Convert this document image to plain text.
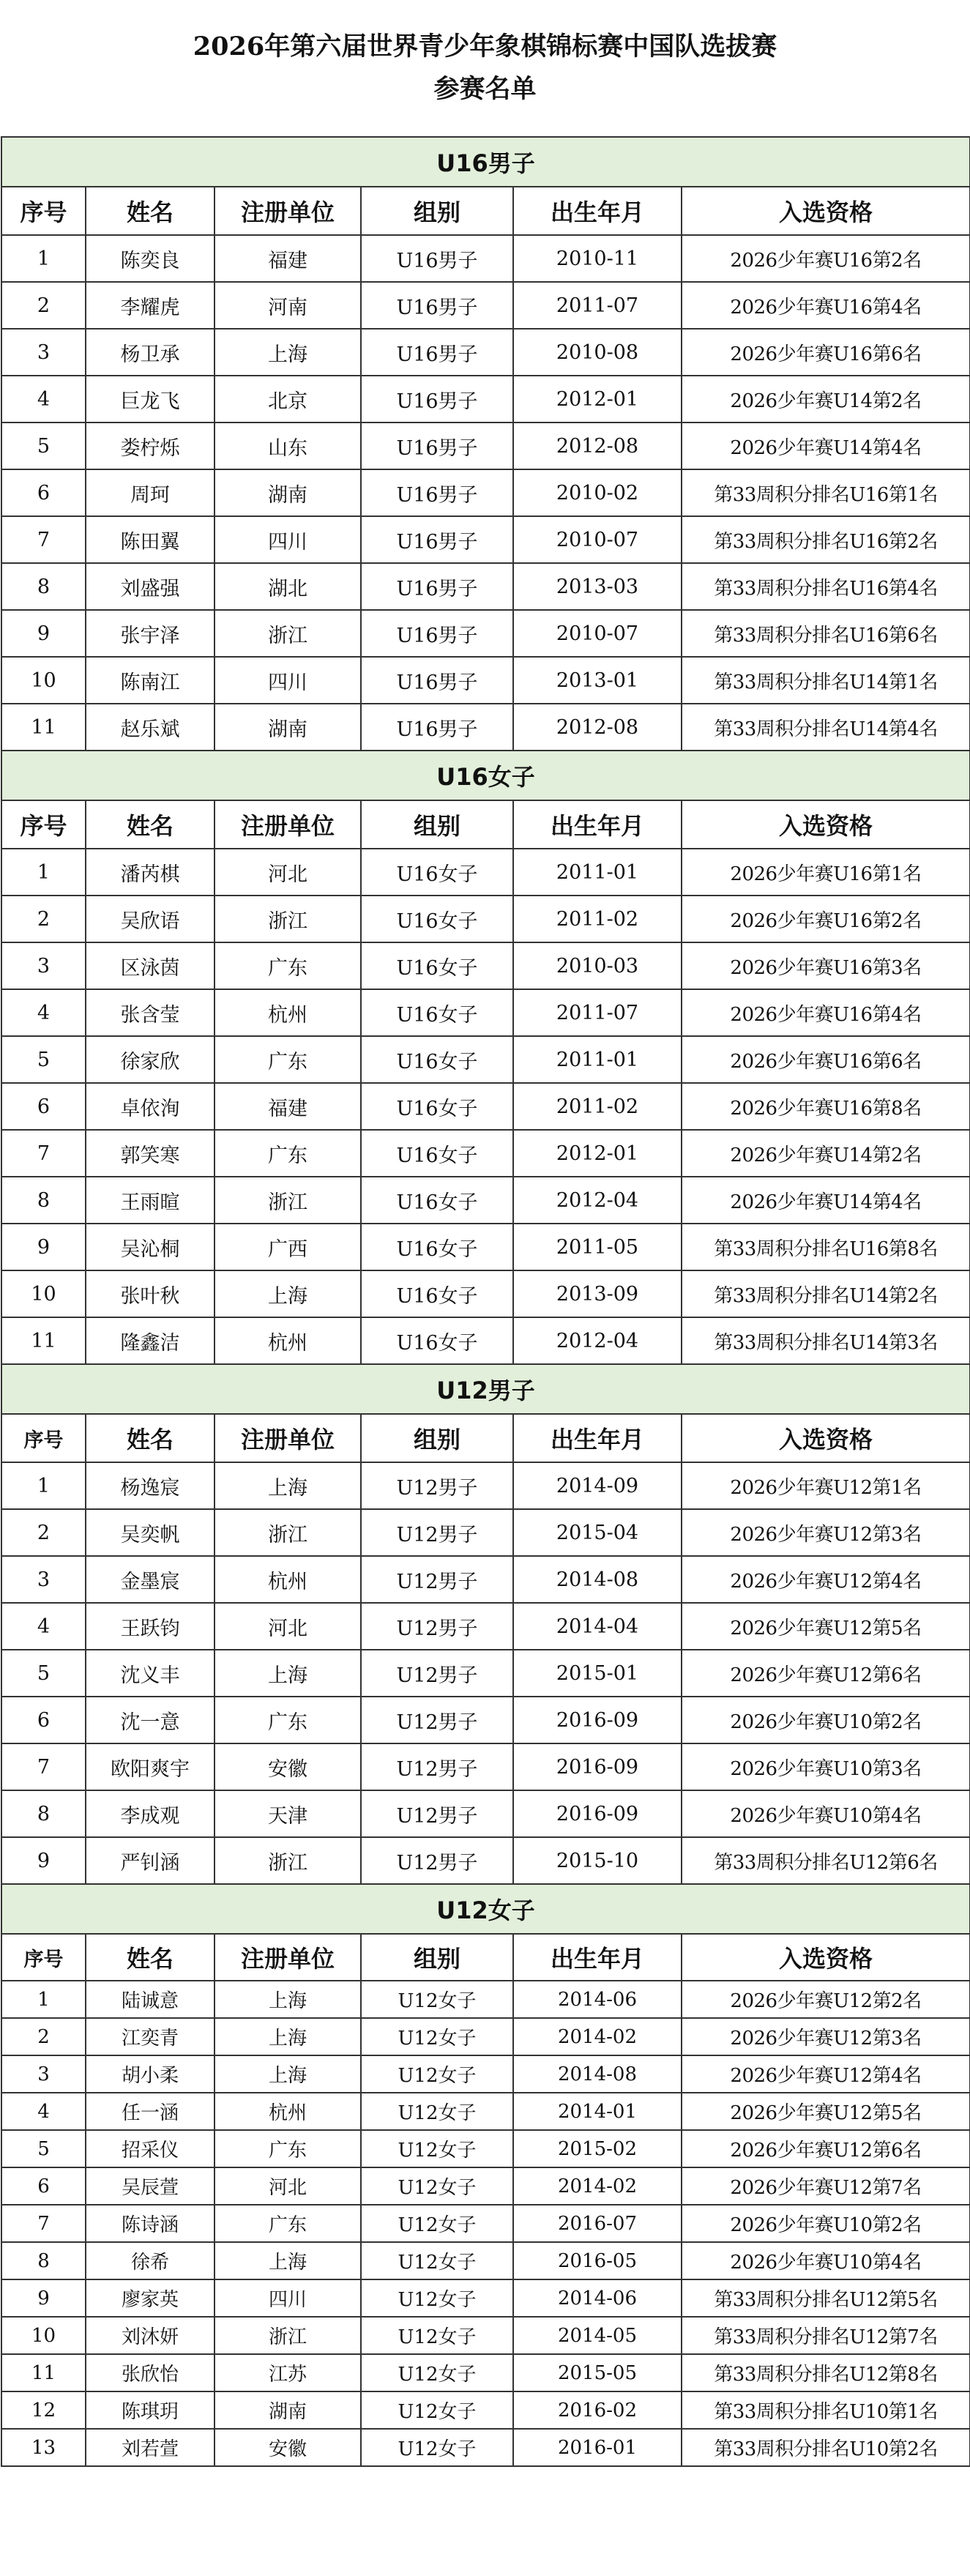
2026年第六届世界青少年象棋锦标赛中国队选拔赛
参赛名单
U16男子					
序号	姓名	注册单位	组别	出生年月	入选资格
1	陈奕良	福建	U16男子	2010-11	2026少年赛U16第2名
2	李耀虎	河南	U16男子	2011-07	2026少年赛U16第4名
3	杨卫承	上海	U16男子	2010-08	2026少年赛U16第6名
4	巨龙飞	北京	U16男子	2012-01	2026少年赛U14第2名
5	娄柠烁	山东	U16男子	2012-08	2026少年赛U14第4名
6	周珂	湖南	U16男子	2010-02	第33周积分排名U16第1名
7	陈田翼	四川	U16男子	2010-07	第33周积分排名U16第2名
8	刘盛强	湖北	U16男子	2013-03	第33周积分排名U16第4名
9	张宇泽	浙江	U16男子	2010-07	第33周积分排名U16第6名
10	陈南江	四川	U16男子	2013-01	第33周积分排名U14第1名
11	赵乐斌	湖南	U16男子	2012-08	第33周积分排名U14第4名
U16女子					
序号	姓名	注册单位	组别	出生年月	入选资格
1	潘芮棋	河北	U16女子	2011-01	2026少年赛U16第1名
2	吴欣语	浙江	U16女子	2011-02	2026少年赛U16第2名
3	区泳茵	广东	U16女子	2010-03	2026少年赛U16第3名
4	张含莹	杭州	U16女子	2011-07	2026少年赛U16第4名
5	徐家欣	广东	U16女子	2011-01	2026少年赛U16第6名
6	卓依洵	福建	U16女子	2011-02	2026少年赛U16第8名
7	郭笑寒	广东	U16女子	2012-01	2026少年赛U14第2名
8	王雨暄	浙江	U16女子	2012-04	2026少年赛U14第4名
9	吴沁桐	广西	U16女子	2011-05	第33周积分排名U16第8名
10	张叶秋	上海	U16女子	2013-09	第33周积分排名U14第2名
11	隆鑫洁	杭州	U16女子	2012-04	第33周积分排名U14第3名
U12男子					
序号	姓名	注册单位	组别	出生年月	入选资格
1	杨逸宸	上海	U12男子	2014-09	2026少年赛U12第1名
2	吴奕帆	浙江	U12男子	2015-04	2026少年赛U12第3名
3	金墨宸	杭州	U12男子	2014-08	2026少年赛U12第4名
4	王跃钧	河北	U12男子	2014-04	2026少年赛U12第5名
5	沈义丰	上海	U12男子	2015-01	2026少年赛U12第6名
6	沈一意	广东	U12男子	2016-09	2026少年赛U10第2名
7	欧阳爽宇	安徽	U12男子	2016-09	2026少年赛U10第3名
8	李成观	天津	U12男子	2016-09	2026少年赛U10第4名
9	严钊涵	浙江	U12男子	2015-10	第33周积分排名U12第6名
U12女子					
序号	姓名	注册单位	组别	出生年月	入选资格
1	陆诚意	上海	U12女子	2014-06	2026少年赛U12第2名
2	江奕青	上海	U12女子	2014-02	2026少年赛U12第3名
3	胡小柔	上海	U12女子	2014-08	2026少年赛U12第4名
4	任一涵	杭州	U12女子	2014-01	2026少年赛U12第5名
5	招采仪	广东	U12女子	2015-02	2026少年赛U12第6名
6	吴辰萱	河北	U12女子	2014-02	2026少年赛U12第7名
7	陈诗涵	广东	U12女子	2016-07	2026少年赛U10第2名
8	徐希	上海	U12女子	2016-05	2026少年赛U10第4名
9	廖家英	四川	U12女子	2014-06	第33周积分排名U12第5名
10	刘沐妍	浙江	U12女子	2014-05	第33周积分排名U12第7名
11	张欣怡	江苏	U12女子	2015-05	第33周积分排名U12第8名
12	陈琪玥	湖南	U12女子	2016-02	第33周积分排名U10第1名
13	刘若萱	安徽	U12女子	2016-01	第33周积分排名U10第2名
